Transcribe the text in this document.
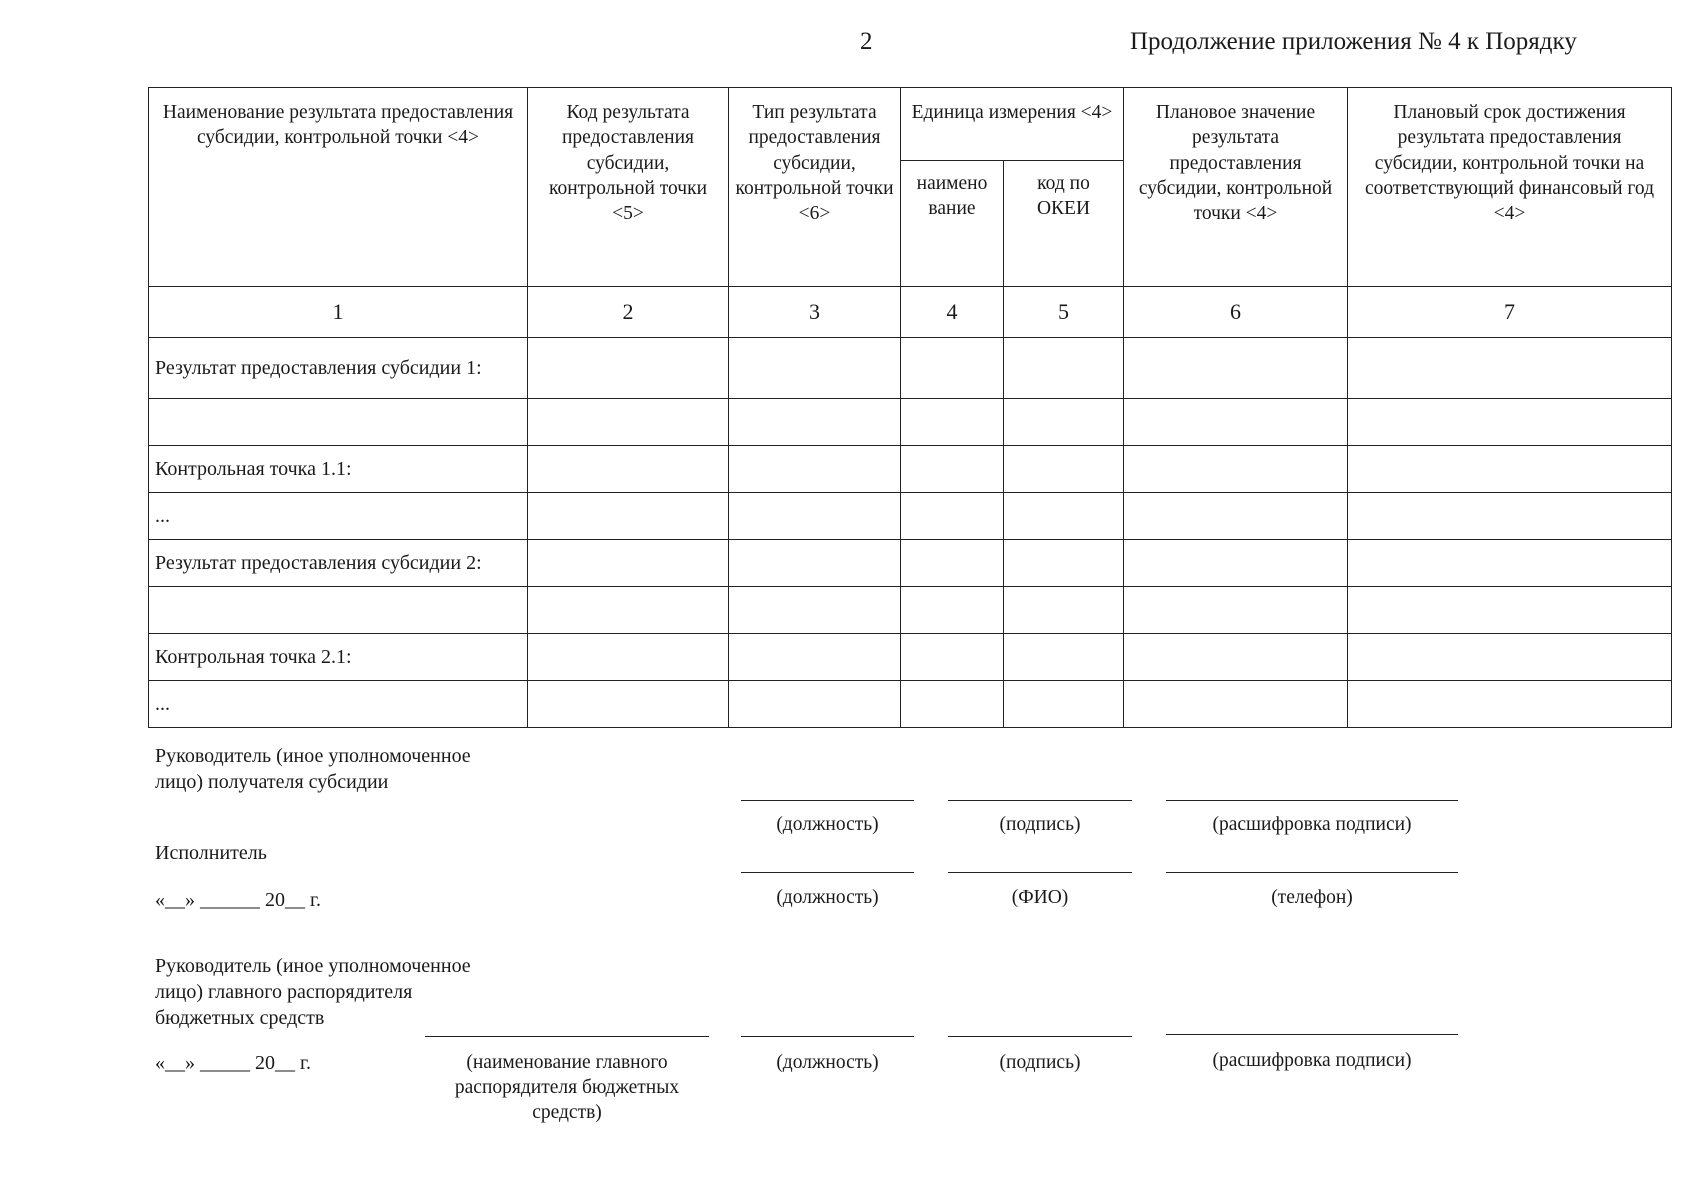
2	Продолжение приложения № 4 к Порядку
Наименование результата предоставления субсидии, контрольной точки <4>	Код результата предоставления субсидии, контрольной точки <5>	Тип результата предоставления субсидии, контрольной точки <6>	Единица измерения <4>		Плановое значение результата предоставления субсидии, контрольной точки <4>	Плановый срок достижения результата предоставления субсидии, контрольной точки на соответствующий финансовый год <4>
			наимено вание	код по ОКЕИ		
1	2	3	4	5	6	7
Результат предоставления субсидии 1:						

Контрольная точка 1.1:						
...						
Результат предоставления субсидии 2:						

Контрольная точка 2.1:						
...						
Руководитель (иное уполномоченное лицо) получателя субсидии
(должность)	(подпись)	(расшифровка подписи)
Исполнитель
(должность)	(ФИО)	(телефон)
«__» ______ 20__ г.
Руководитель (иное уполномоченное лицо) главного распорядителя бюджетных средств
«__» _____ 20__ г.	(наименование главного распорядителя бюджетных средств)
(должность)	(подпись)	(расшифровка подписи)
